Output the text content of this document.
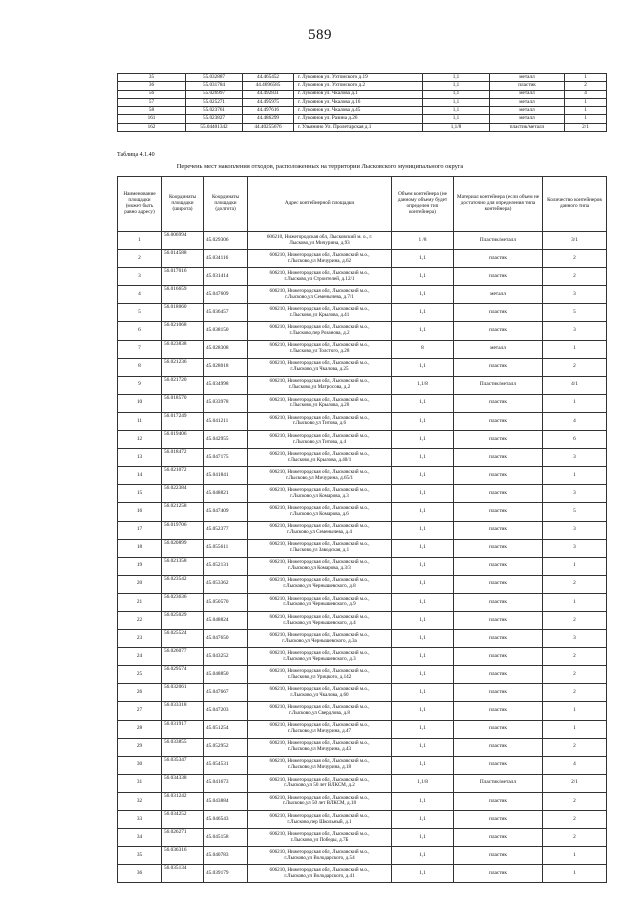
589
35	55.032887	44.465452	г. Лукоянов ул. Ухтомского д.19	1,1	металл	1
36	55.031784	44.4696585	г. Лукоянов ул. Ухтомского д.2	1,1	пластик	2
56	55.026997	44.492831	г. Лукоянов ул. Чкалова д.1	1,1	металл	4
57	55.025271	44.495975	г. Лукоянов ул. Чкалова д.16	1,1	металл	1
58	55.023761	44.497616	г. Лукоянов ул. Чкалова д.45	1,1	металл	1
161	55.023827	44.486299	г. Лукоянов ул. Разина д.26	1,1	металл	1
162	55.04401342	44.40255676	г. Ульянино Ул. Пролетарская д.1	1,1/8	пластик/металл	2/1
Таблица 4.1.40
Перечень мест накопления отходов, расположенных на территории Лысковского муниципального округа
Наименование площадки (может быть равно адресу)	Координаты площадки (широта)	Координаты площадки (долгота)	Адрес контейнерной площадки	Объем контейнера (не данному объему будет определен тип контейнера)	Материал контейнера (если объем не достаточно для определения типа контейнера)	Количество контейнеров данного типа
1	56.006994	45.029306	606210, Нижегородская обл, Лысковский м. о., г.
Лысково,ул Мичурина, д.93	1 /8	Пластик/металл	3/1
2	56.014588	45.034116	606210, Нижегородская обл, Лысковский м.о.,
г.Лысково,ул Мичурина, д.62	1,1	пластик	2
3	56.017016	45.031414	606210, Нижегородская обл, Лысковский м.о.,
г.Лысково,ул Строителей, д.12/1	1,1	пластик	2
4	56.016659	45.047609	606210, Нижегородская обл, Лысковский м.о.,
г.Лысково,ул Семенычева, д.7/1	1,1	металл	3
5	56.018060	45.036457	606210, Нижегородская обл, Лысковский м.о.,
г.Лысково,ул Крылова, д.41	1,1	пластик	5
6	56.021068	45.038150	606210, Нижегородская обл, Лысковский м.о.,
г.Лысково,пер Розанова, д.2	1,1	пластик	3
7	56.023838	45.028308	606210, Нижегородская обл, Лысковский м.о.,
г.Лысково,ул Толстого, д.28	8	металл	1
8	56.021236	45.028018	606210, Нижегородская обл, Лысковский м.о.,
г.Лысково,ул Чкалова, д.25	1,1	пластик	2
9	56.021720	45.034998	606210, Нижегородская обл, Лысковский м.о.,
г.Лысково,ул Матросова, д.2	1,1/8	Пластик/металл	4/1
10	56.018570	45.033978	606210, Нижегородская обл, Лысковский м.о.,
г.Лысково,ул Крылова, д.20	1,1	пластик	1
11	56.017249	45.041211	606210, Нижегородская обл, Лысковский м.о.,
г.Лысково,ул Титова, д.6	1,1	пластик	4
12	56.019406	45.042955	606210, Нижегородская обл, Лысковский м.о.,
г.Лысково,ул Титова, д.4	1,1	пластик	6
13	56.018472	45.047175	606210, Нижегородская обл, Лысковский м.о.,
г.Лысково,ул Крылова, д.40/1	1,1	пластик	3
14	56.021072	45.041841	606210, Нижегородская обл, Лысковский м.о.,
г.Лысково,ул Мичурина, д.65/1	1,1	пластик	1
15	56.022384	45.048821	606210, Нижегородская обл, Лысковский м.о.,
г.Лысково,ул Комарова, д.3	1,1	пластик	3
16	56.021258	45.047409	606210, Нижегородская обл, Лысковский м.о.,
г.Лысково,ул Комарова, д.6	1,1	пластик	5
17	56.019706	45.052377	606210, Нижегородская обл, Лысковский м.о.,
г.Лысково,ул Семенычева, д.4	1,1	пластик	3
18	56.020899	45.055611	606210, Нижегородская обл, Лысковский м.о.,
г.Лысково,ул Заводская, д.1	1,1	пластик	3
19	56.021358	45.052131	606210, Нижегородская обл, Лысковский м.о.,
г.Лысково,ул Комарова, д.3/3	1,1	пластик	1
20	56.023542	45.053362	606210, Нижегородская обл, Лысковский м.о.,
г.Лысково,ул Чернышевского, д.8	1,1	пластик	2
21	56.023636	45.050570	606210, Нижегородская обл, Лысковский м.о.,
г.Лысково,ул Чернышевского, д.9	1,1	пластик	1
22	56.025029	45.048824	606210, Нижегородская обл, Лысковский м.о.,
г.Лысково,ул Чернышевского, д.4	1,1	пластик	2
23	56.025524	45.047650	606210, Нижегородская обл, Лысковский м.о.,
г.Лысково,ул Чернышевского, д.3а	1,1	пластик	3
24	56.026077	45.043252	606210, Нижегородская обл, Лысковский м.о.,
г.Лысково,ул Чернышевского, д.3	1,1	пластик	2
25	56.029574	45.048850	606210, Нижегородская обл, Лысковский м.о.,
г.Лысково,ул Урицкого, д.142	1,1	пластик	2
26	56.032061	45.047667	606210, Нижегородская обл, Лысковский м.о.,
г.Лысково,ул Чкалова, д.60	1,1	пластик	2
27	56.033318	45.047203	606210, Нижегородская обл, Лысковский м.о.,
г.Лысково,ул Свердлова, д.8	1,1	пластик	1
28	56.031917	45.051254	606210, Нижегородская обл, Лысковский м.о.,
г.Лысково,ул Мичурина, д.47	1,1	пластик	1
29	56.033855	45.052952	606210, Нижегородская обл, Лысковский м.о.,
г.Лысково,ул Мичурина, д.43	1,1	пластик	2
30	56.035347	45.054531	606210, Нижегородская обл, Лысковский м.о.,
г.Лысково,ул Мичурина, д.18	1,1	пластик	4
31	56.034338	45.041673	606210, Нижегородская обл, Лысковский м.о.,
г.Лысково,ул 50 лет ВЛКСМ, д.2	1,1/8	Пластик/металл	2/1
32	56.031242	45.043884	606210, Нижегородская обл, Лысковский м.о.,
г.Лысково,ул 50 лет ВЛКСМ, д.18	1,1	пластик	2
33	56.034252	45.046543	606210, Нижегородская обл, Лысковский м.о.,
г.Лысково,пер Школьный, д.1	1,1	пластик	2
34	56.026271	45.045158	606210, Нижегородская обл, Лысковский м.о.,
г.Лысково,ул Победы, д.7Б	1,1	пластик	2
35	56.036316	45.040783	606210, Нижегородская обл, Лысковский м.о.,
г.Лысково,ул Володарского, д.54	1,1	пластик	1
36	56.035134	45.039179	606210, Нижегородская обл, Лысковский м.о.,
г.Лысково,ул Володарского, д.41	1,1	пластик	1
